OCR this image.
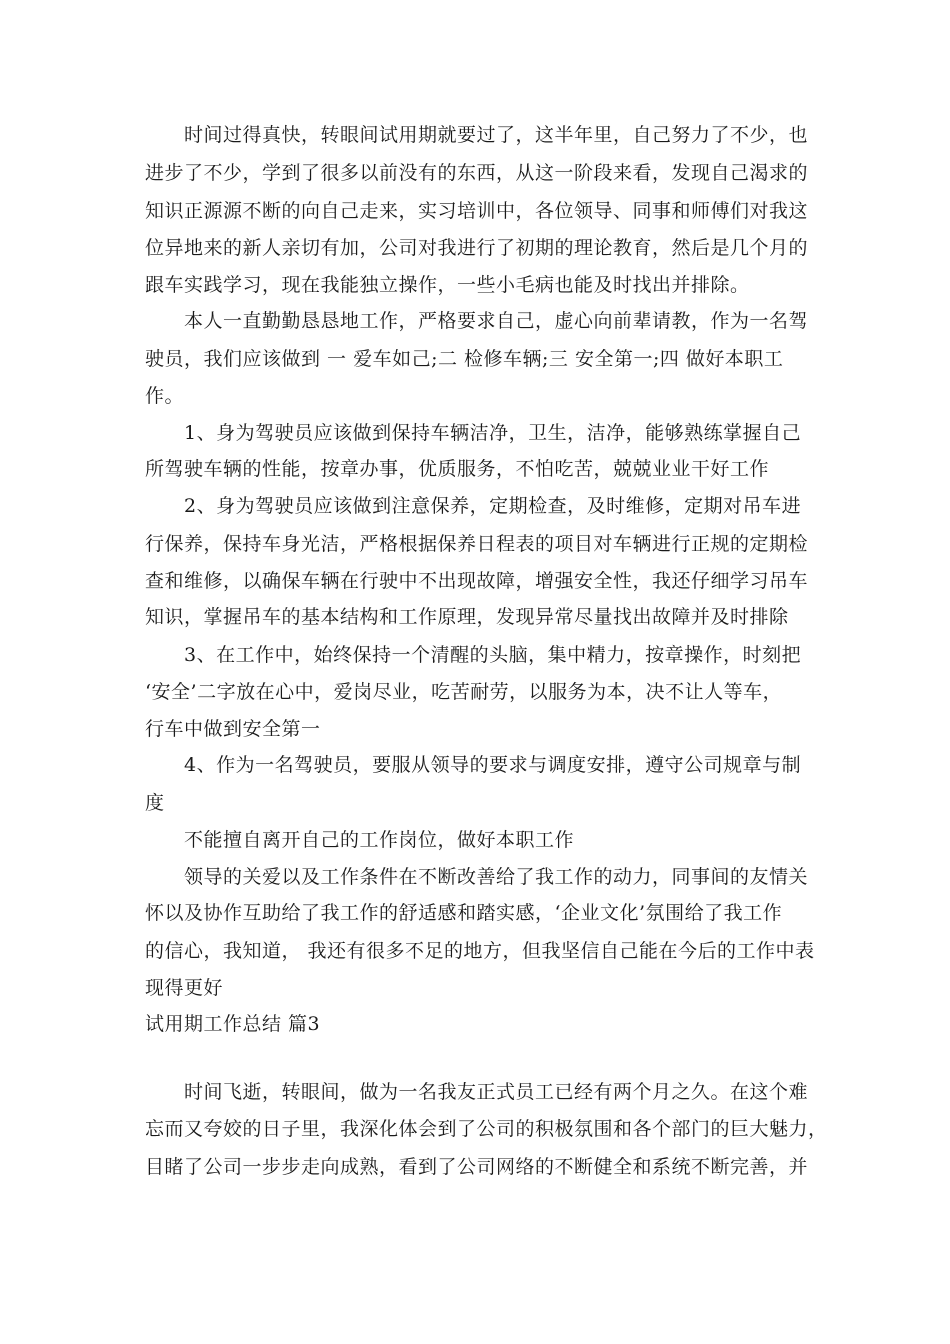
　　时间过得真快，转眼间试用期就要过了，这半年里，自己努力了不少，也
进步了不少，学到了很多以前没有的东西，从这一阶段来看，发现自己渴求的
知识正源源不断的向自己走来，实习培训中，各位领导、同事和师傅们对我这
位异地来的新人亲切有加，公司对我进行了初期的理论教育，然后是几个月的
跟车实践学习，现在我能独立操作，一些小毛病也能及时找出并排除。
　　本人一直勤勤恳恳地工作，严格要求自己，虚心向前辈请教，作为一名驾
驶员，我们应该做到 一 爱车如己;二 检修车辆;三 安全第一;四 做好本职工
作。
　　1、身为驾驶员应该做到保持车辆洁净，卫生，洁净，能够熟练掌握自己
所驾驶车辆的性能，按章办事，优质服务，不怕吃苦，兢兢业业干好工作
　　2、身为驾驶员应该做到注意保养，定期检查，及时维修，定期对吊车进
行保养，保持车身光洁，严格根据保养日程表的项目对车辆进行正规的定期检
查和维修，以确保车辆在行驶中不出现故障，增强安全性，我还仔细学习吊车
知识，掌握吊车的基本结构和工作原理，发现异常尽量找出故障并及时排除
　　3、在工作中，始终保持一个清醒的头脑，集中精力，按章操作，时刻把
‘安全’二字放在心中，爱岗尽业，吃苦耐劳，以服务为本，决不让人等车，
行车中做到安全第一
　　4、作为一名驾驶员，要服从领导的要求与调度安排，遵守公司规章与制
度
　　不能擅自离开自己的工作岗位，做好本职工作
　　领导的关爱以及工作条件在不断改善给了我工作的动力，同事间的友情关
怀以及协作互助给了我工作的舒适感和踏实感，‘企业文化’氛围给了我工作
的信心，我知道， 我还有很多不足的地方，但我坚信自己能在今后的工作中表
现得更好
试用期工作总结 篇3
　　时间飞逝，转眼间，做为一名我友正式员工已经有两个月之久。在这个难
忘而又夸姣的日子里，我深化体会到了公司的积极氛围和各个部门的巨大魅力，
目睹了公司一步步走向成熟，看到了公司网络的不断健全和系统不断完善，并
